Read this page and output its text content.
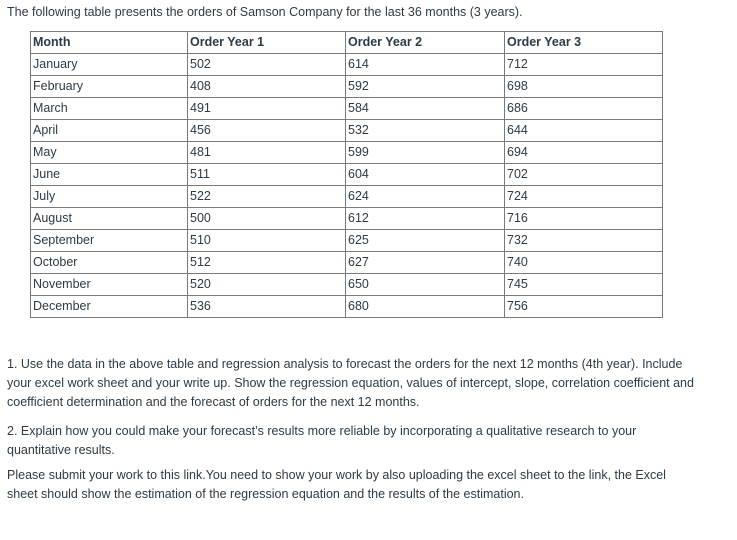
The following table presents the orders of Samson Company for the last 36 months (3 years).

Month	Order Year 1	Order Year 2	Order Year 3
January	502	614	712
February	408	592	698
March	491	584	686
April	456	532	644
May	481	599	694
June	511	604	702
July	522	624	724
August	500	612	716
September	510	625	732
October	512	627	740
November	520	650	745
December	536	680	756

1. Use the data in the above table and regression analysis to forecast the orders for the next 12 months (4th year). Include your excel work sheet and your write up. Show the regression equation, values of intercept, slope, correlation coefficient and coefficient determination and the forecast of orders for the next 12 months.

2. Explain how you could make your forecast’s results more reliable by incorporating a qualitative research to your quantitative results.

Please submit your work to this link.You need to show your work by also uploading the excel sheet to the link, the Excel sheet should show the estimation of the regression equation and the results of the estimation.
